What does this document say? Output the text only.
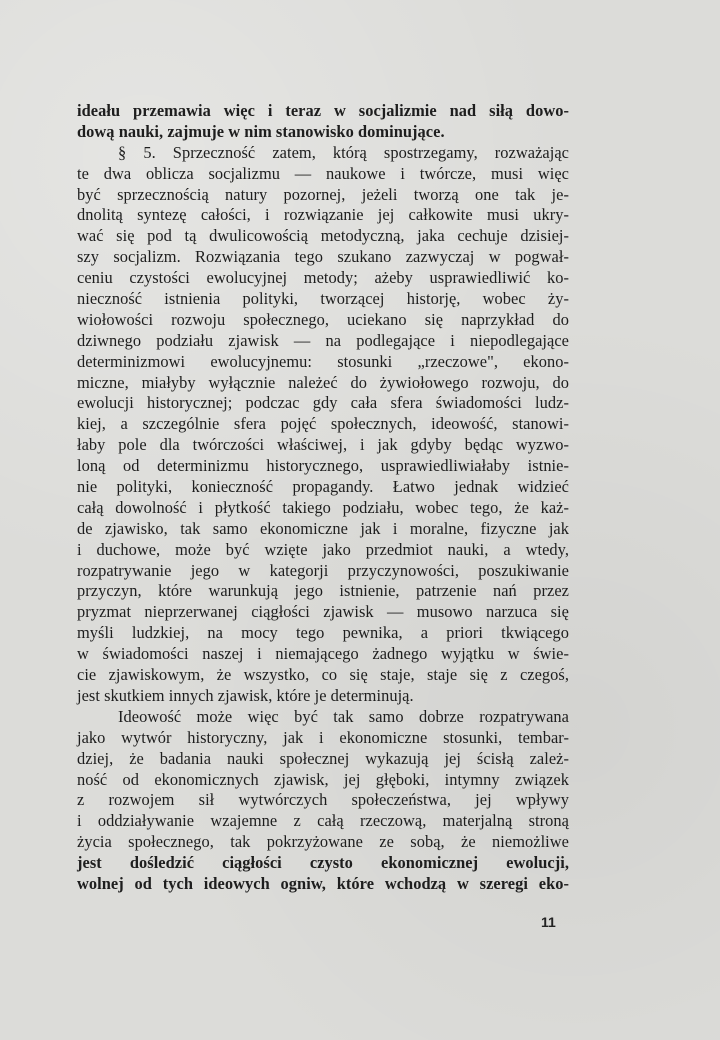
ideału przemawia więc i teraz w socjalizmie nad siłą dowo-
dową nauki, zajmuje w nim stanowisko dominujące.
§ 5. Sprzeczność zatem, którą spostrzegamy, rozważając
te dwa oblicza socjalizmu — naukowe i twórcze, musi więc
być sprzecznością natury pozornej, jeżeli tworzą one tak je-
dnolitą syntezę całości, i rozwiązanie jej całkowite musi ukry-
wać się pod tą dwulicowością metodyczną, jaka cechuje dzisiej-
szy socjalizm. Rozwiązania tego szukano zazwyczaj w pogwał-
ceniu czystości ewolucyjnej metody; ażeby usprawiedliwić ko-
nieczność istnienia polityki, tworzącej historję, wobec ży-
wiołowości rozwoju społecznego, uciekano się naprzykład do
dziwnego podziału zjawisk — na podlegające i niepodlegające
determinizmowi ewolucyjnemu: stosunki „rzeczowe", ekono-
miczne, miałyby wyłącznie należeć do żywiołowego rozwoju, do
ewolucji historycznej; podczac gdy cała sfera świadomości ludz-
kiej, a szczególnie sfera pojęć społecznych, ideowość, stanowi-
łaby pole dla twórczości właściwej, i jak gdyby będąc wyzwo-
loną od determinizmu historycznego, usprawiedliwiałaby istnie-
nie polityki, konieczność propagandy. Łatwo jednak widzieć
całą dowolność i płytkość takiego podziału, wobec tego, że każ-
de zjawisko, tak samo ekonomiczne jak i moralne, fizyczne jak
i duchowe, może być wzięte jako przedmiot nauki, a wtedy,
rozpatrywanie jego w kategorji przyczynowości, poszukiwanie
przyczyn, które warunkują jego istnienie, patrzenie nań przez
pryzmat nieprzerwanej ciągłości zjawisk — musowo narzuca się
myśli ludzkiej, na mocy tego pewnika, a priori tkwiącego
w świadomości naszej i niemającego żadnego wyjątku w świe-
cie zjawiskowym, że wszystko, co się staje, staje się z czegoś,
jest skutkiem innych zjawisk, które je determinują.
Ideowość może więc być tak samo dobrze rozpatrywana
jako wytwór historyczny, jak i ekonomiczne stosunki, tembar-
dziej, że badania nauki społecznej wykazują jej ścisłą zależ-
ność od ekonomicznych zjawisk, jej głęboki, intymny związek
z rozwojem sił wytwórczych społeczeństwa, jej wpływy
i oddziaływanie wzajemne z całą rzeczową, materjalną stroną
życia społecznego, tak pokrzyżowane ze sobą, że niemożliwe
jest dośledzić ciągłości czysto ekonomicznej ewolucji,
wolnej od tych ideowych ogniw, które wchodzą w szeregi eko-
11
